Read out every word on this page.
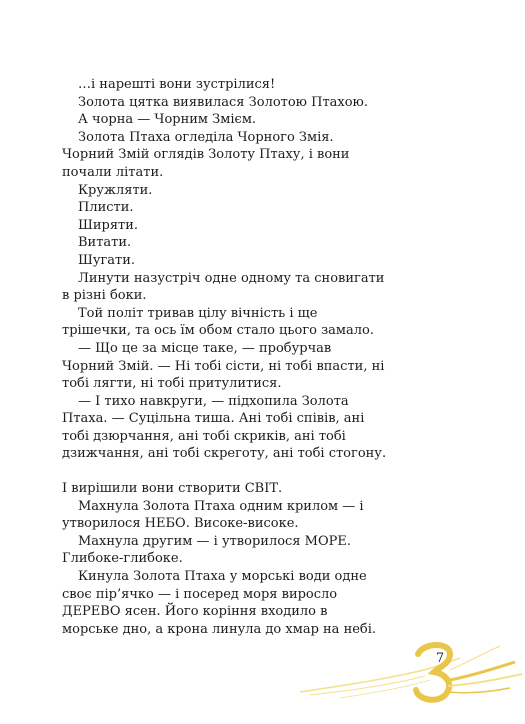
…і нарешті вони зустрілися!

Золота цятка виявилася Золотою Птахою.

А чорна — Чорним Змієм.

Золота Птаха огледіла Чорного Змія. Чорний Змій оглядів Золоту Птаху, і вони почали літати.

Кружляти.

Плисти.

Ширяти.

Витати.

Шугати.

Линути назустріч одне одному та сновигати в різні боки.

Той політ тривав цілу вічність і ще трішечки, та ось їм обом стало цього замало.

— Що це за місце таке, — пробурчав Чорний Змій. — Ні тобі сісти, ні тобі впасти, ні тобі лягти, ні тобі притулитися.

— І тихо навкруги, — підхопила Золота Птаха. — Суцільна тиша. Ані тобі співів, ані тобі дзюрчання, ані тобі скриків, ані тобі дзижчання, ані тобі скреготу, ані тобі стогону.

І вирішили вони створити СВІТ.

Махнула Золота Птаха одним крилом — і утворилося НЕБО. Високе-високе.

Махнула другим — і утворилося МОРЕ. Глибоке-глибоке.

Кинула Золота Птаха у морські води одне своє пір’ячко — і посеред моря виросло ДЕРЕВО ясен. Його коріння входило в морське дно, а крона линула до хмар на небі.

7
